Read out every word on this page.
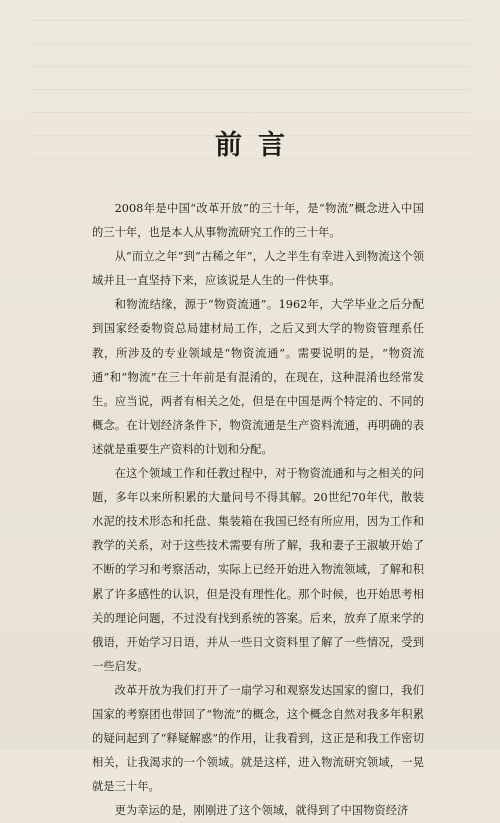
前言

2008年是中国“改革开放”的三十年，是“物流”概念进入中国的三十年，也是本人从事物流研究工作的三十年。

从“而立之年”到“古稀之年”，人之半生有幸进入到物流这个领域并且一直坚持下来，应该说是人生的一件快事。

和物流结缘，源于“物资流通”。1962年，大学毕业之后分配到国家经委物资总局建材局工作，之后又到大学的物资管理系任教，所涉及的专业领域是“物资流通”。需要说明的是，“物资流通”和“物流”在三十年前是有混淆的，在现在，这种混淆也经常发生。应当说，两者有相关之处，但是在中国是两个特定的、不同的概念。在计划经济条件下，物资流通是生产资料流通，再明确的表述就是重要生产资料的计划和分配。

在这个领域工作和任教过程中，对于物资流通和与之相关的问题，多年以来所积累的大量问号不得其解。20世纪70年代，散装水泥的技术形态和托盘、集装箱在我国已经有所应用，因为工作和教学的关系，对于这些技术需要有所了解，我和妻子王淑敏开始了不断的学习和考察活动，实际上已经开始进入物流领域，了解和积累了许多感性的认识，但是没有理性化。那个时候，也开始思考相关的理论问题，不过没有找到系统的答案。后来，放弃了原来学的俄语，开始学习日语，并从一些日文资料里了解了一些情况，受到一些启发。

改革开放为我们打开了一扇学习和观察发达国家的窗口，我们国家的考察团也带回了“物流”的概念，这个概念自然对我多年积累的疑问起到了“释疑解惑”的作用，让我看到，这正是和我工作密切相关，让我渴求的一个领域。就是这样，进入物流研究领域，一晃就是三十年。

更为幸运的是，刚刚进了这个领域，就得到了中国物资经济
